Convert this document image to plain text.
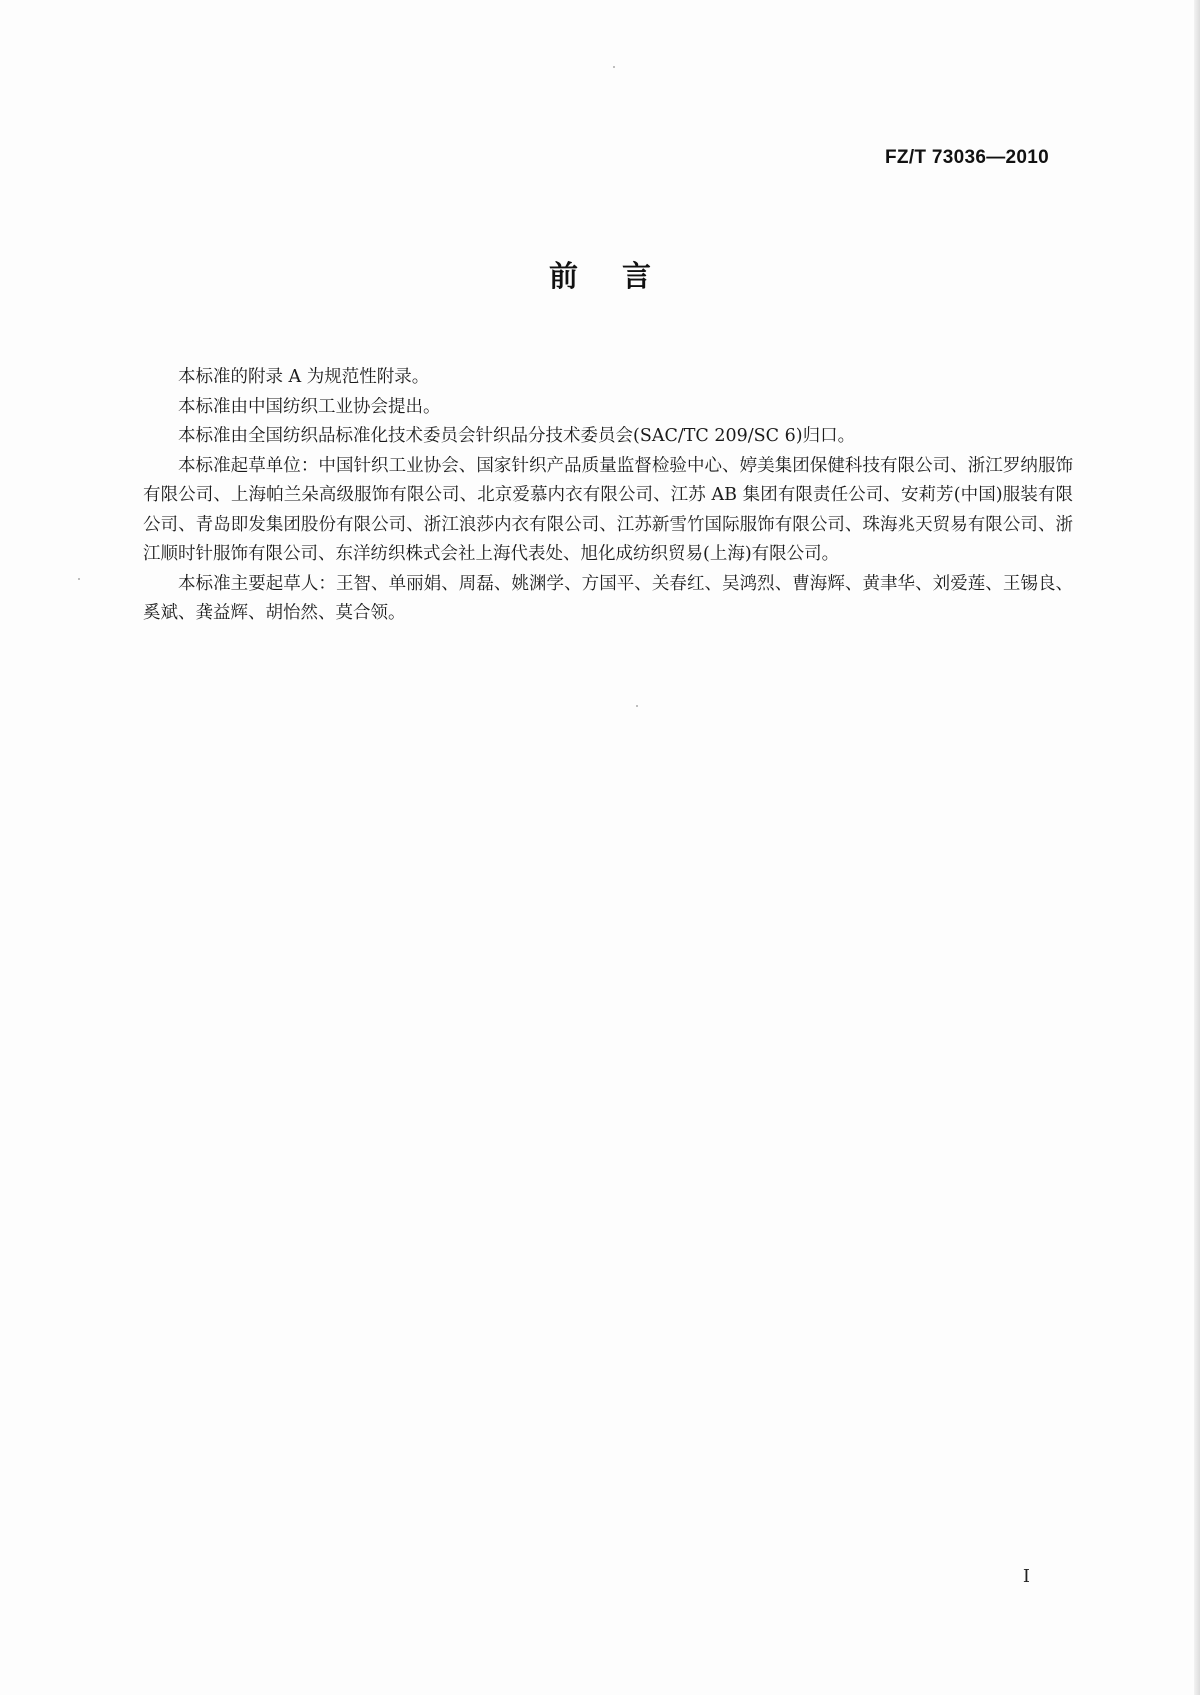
FZ/T 73036—2010
前言

本标准的附录 A 为规范性附录。

本标准由中国纺织工业协会提出。

本标准由全国纺织品标准化技术委员会针织品分技术委员会(SAC/TC 209/SC 6)归口。

本标准起草单位：中国针织工业协会、国家针织产品质量监督检验中心、婷美集团保健科技有限公司、浙江罗纳服饰有限公司、上海帕兰朵高级服饰有限公司、北京爱慕内衣有限公司、江苏 AB 集团有限责任公司、安莉芳(中国)服装有限公司、青岛即发集团股份有限公司、浙江浪莎内衣有限公司、江苏新雪竹国际服饰有限公司、珠海兆天贸易有限公司、浙江顺时针服饰有限公司、东洋纺织株式会社上海代表处、旭化成纺织贸易(上海)有限公司。

本标准主要起草人：王智、单丽娟、周磊、姚渊学、方国平、关春红、吴鸿烈、曹海辉、黄聿华、刘爱莲、王锡良、奚斌、龚益辉、胡怡然、莫合领。

I
